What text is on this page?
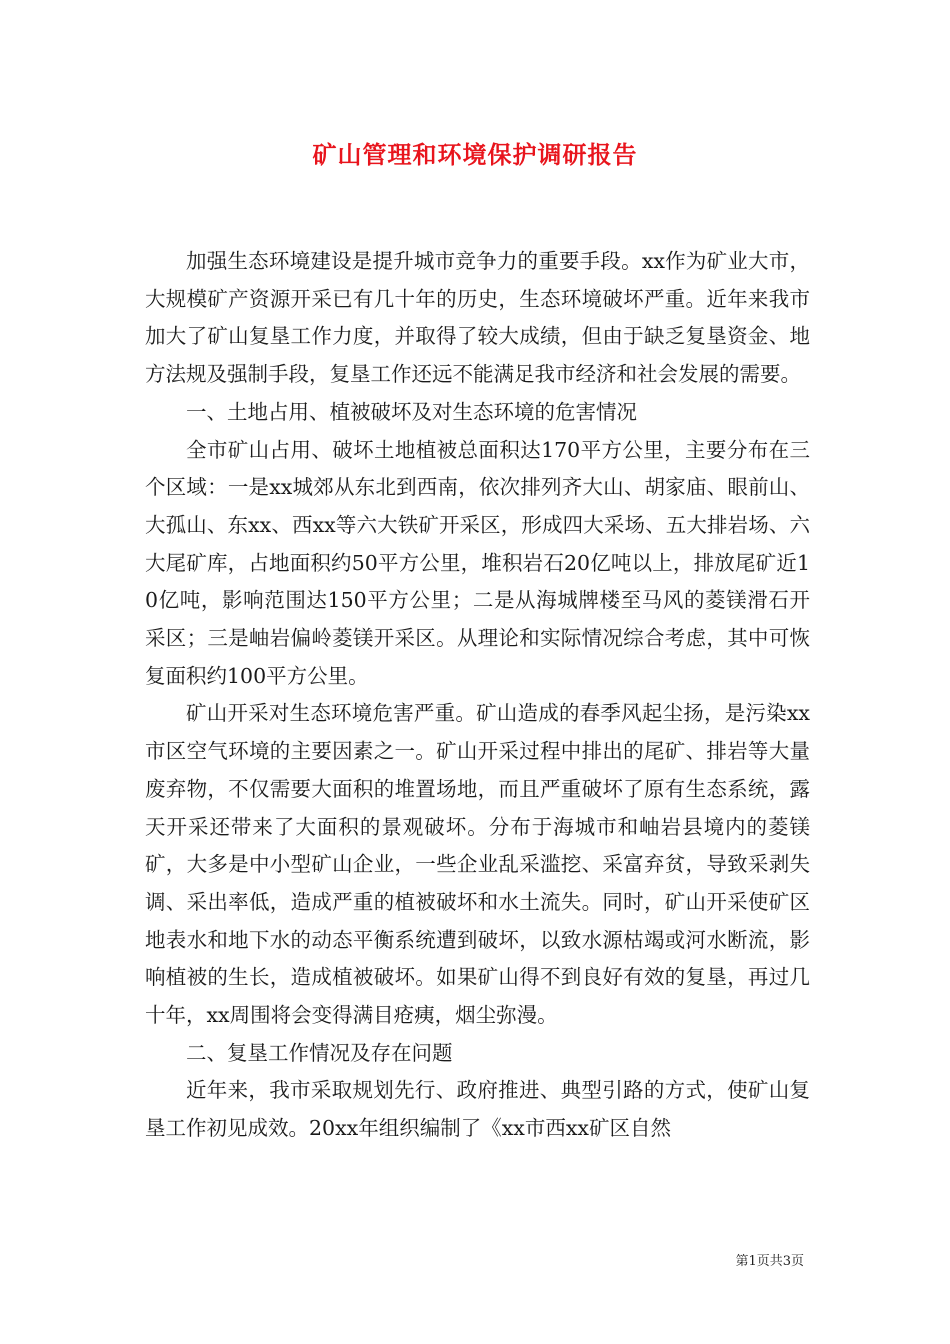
矿山管理和环境保护调研报告

加强生态环境建设是提升城市竞争力的重要手段。xx作为矿业大市，大规模矿产资源开采已有几十年的历史，生态环境破坏严重。近年来我市加大了矿山复垦工作力度，并取得了较大成绩，但由于缺乏复垦资金、地方法规及强制手段，复垦工作还远不能满足我市经济和社会发展的需要。

一、土地占用、植被破坏及对生态环境的危害情况

全市矿山占用、破坏土地植被总面积达170平方公里，主要分布在三个区域：一是xx城郊从东北到西南，依次排列齐大山、胡家庙、眼前山、大孤山、东xx、西xx等六大铁矿开采区，形成四大采场、五大排岩场、六大尾矿库，占地面积约50平方公里，堆积岩石20亿吨以上，排放尾矿近10亿吨，影响范围达150平方公里；二是从海城牌楼至马风的菱镁滑石开采区；三是岫岩偏岭菱镁开采区。从理论和实际情况综合考虑，其中可恢复面积约100平方公里。

矿山开采对生态环境危害严重。矿山造成的春季风起尘扬，是污染xx市区空气环境的主要因素之一。矿山开采过程中排出的尾矿、排岩等大量废弃物，不仅需要大面积的堆置场地，而且严重破坏了原有生态系统，露天开采还带来了大面积的景观破坏。分布于海城市和岫岩县境内的菱镁矿，大多是中小型矿山企业，一些企业乱采滥挖、采富弃贫，导致采剥失调、采出率低，造成严重的植被破坏和水土流失。同时，矿山开采使矿区地表水和地下水的动态平衡系统遭到破坏，以致水源枯竭或河水断流，影响植被的生长，造成植被破坏。如果矿山得不到良好有效的复垦，再过几十年，xx周围将会变得满目疮痍，烟尘弥漫。

二、复垦工作情况及存在问题

近年来，我市采取规划先行、政府推进、典型引路的方式，使矿山复垦工作初见成效。20xx年组织编制了《xx市西xx矿区自然

第1页共3页
